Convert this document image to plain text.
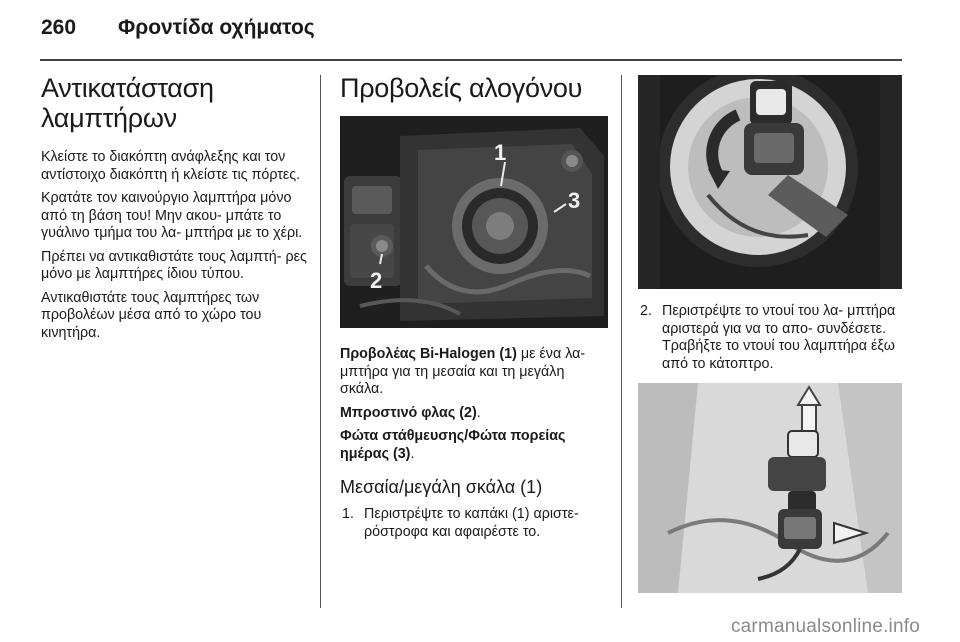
260 Φροντίδα οχήματος
Αντικατάσταση
λαμπτήρων

Κλείστε το διακόπτη ανάφλεξης και τον αντίστοιχο διακόπτη ή κλείστε τις πόρτες.

Κρατάτε τον καινούργιο λαμπτήρα μόνο από τη βάση του! Μην ακου- μπάτε το γυάλινο τμήμα του λα- μπτήρα με το χέρι.

Πρέπει να αντικαθιστάτε τους λαμπτή- ρες μόνο με λαμπτήρες ίδιου τύπου.

Αντικαθιστάτε τους λαμπτήρες των προβολέων μέσα από το χώρο του κινητήρα.

Προβολείς αλογόνου
1
2
3

Προβολέας Bi-Halogen (1) με ένα λα- μπτήρα για τη μεσαία και τη μεγάλη σκάλα.

Μπροστινό φλας (2).

Φώτα στάθμευσης/Φώτα πορείας ημέρας (3).

Μεσαία/μεγάλη σκάλα (1)
1. Περιστρέψτε το καπάκι (1) αριστε- ρόστροφα και αφαιρέστε το.
2. Περιστρέψτε το ντουί του λα- μπτήρα αριστερά για να το απο- συνδέσετε. Τραβήξτε το ντουί του λαμπτήρα έξω από το κάτοπτρο.
carmanualsonline.info
